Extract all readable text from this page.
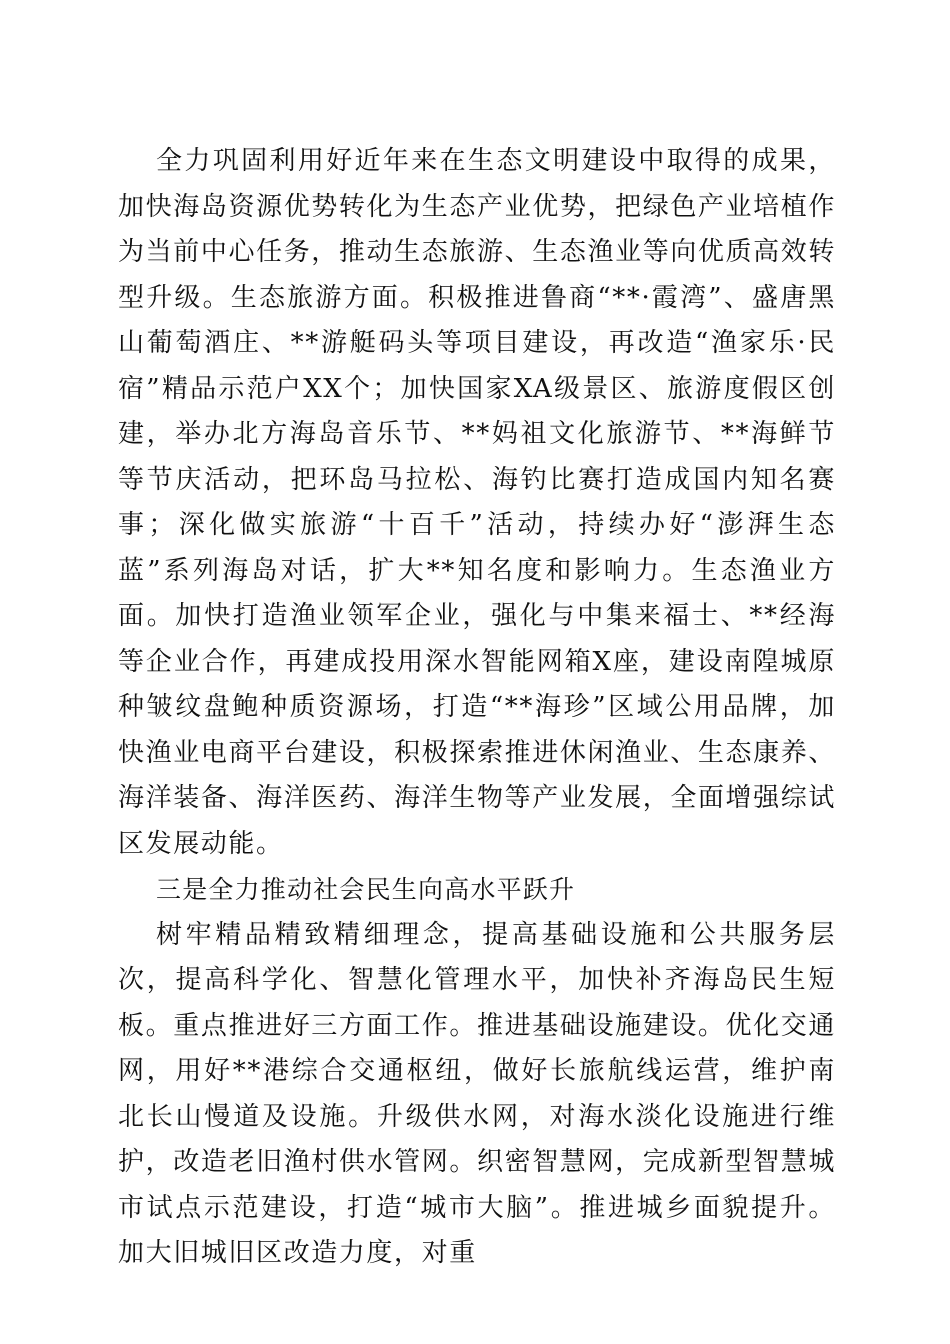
全力巩固利用好近年来在生态文明建设中取得的成果，加快海岛资源优势转化为生态产业优势，把绿色产业培植作为当前中心任务，推动生态旅游、生态渔业等向优质高效转型升级。生态旅游方面。积极推进鲁商“**·霞湾”、盛唐黑山葡萄酒庄、**游艇码头等项目建设，再改造“渔家乐·民宿”精品示范户XX个；加快国家XA级景区、旅游度假区创建，举办北方海岛音乐节、**妈祖文化旅游节、**海鲜节等节庆活动，把环岛马拉松、海钓比赛打造成国内知名赛事；深化做实旅游“十百千”活动，持续办好“澎湃生态蓝”系列海岛对话，扩大**知名度和影响力。生态渔业方面。加快打造渔业领军企业，强化与中集来福士、**经海等企业合作，再建成投用深水智能网箱X座，建设南隍城原种皱纹盘鲍种质资源场，打造“**海珍”区域公用品牌，加快渔业电商平台建设，积极探索推进休闲渔业、生态康养、海洋装备、海洋医药、海洋生物等产业发展，全面增强综试区发展动能。

三是全力推动社会民生向高水平跃升

树牢精品精致精细理念，提高基础设施和公共服务层次，提高科学化、智慧化管理水平，加快补齐海岛民生短板。重点推进好三方面工作。推进基础设施建设。优化交通网，用好**港综合交通枢纽，做好长旅航线运营，维护南北长山慢道及设施。升级供水网，对海水淡化设施进行维护，改造老旧渔村供水管网。织密智慧网，完成新型智慧城市试点示范建设，打造“城市大脑”。推进城乡面貌提升。加大旧城旧区改造力度，对重
